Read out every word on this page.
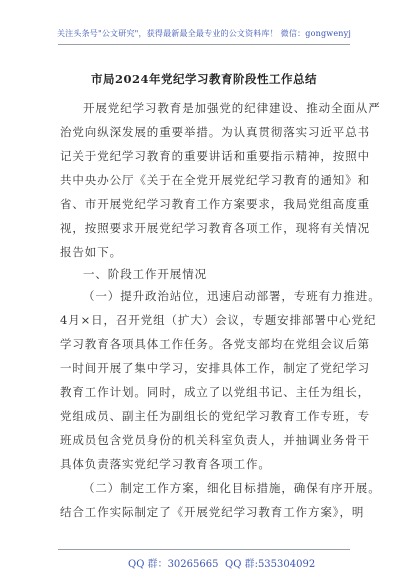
关注头条号"公文研究"，获得最新最全最专业的公文资料库！ 微信：gongwenyj
市局2024年党纪学习教育阶段性工作总结
开展党纪学习教育是加强党的纪律建设、推动全面从严
治党向纵深发展的重要举措。为认真贯彻落实习近平总书
记关于党纪学习教育的重要讲话和重要指示精神，按照中
共中央办公厅《关于在全党开展党纪学习教育的通知》和
省、市开展党纪学习教育工作方案要求，我局党组高度重
视，按照要求开展党纪学习教育各项工作，现将有关情况
报告如下。
一、阶段工作开展情况
（一）提升政治站位，迅速启动部署，专班有力推进。
4月×日，召开党组（扩大）会议，专题安排部署中心党纪
学习教育各项具体工作任务。各党支部均在党组会议后第
一时间开展了集中学习，安排具体工作，制定了党纪学习
教育工作计划。同时，成立了以党组书记、主任为组长，
党组成员、副主任为副组长的党纪学习教育工作专班，专
班成员包含党员身份的机关科室负责人，并抽调业务骨干
具体负责落实党纪学习教育各项工作。
（二）制定工作方案，细化目标措施，确保有序开展。
结合工作实际制定了《开展党纪学习教育工作方案》，明
QQ 群：30265665 QQ 群:535304092
